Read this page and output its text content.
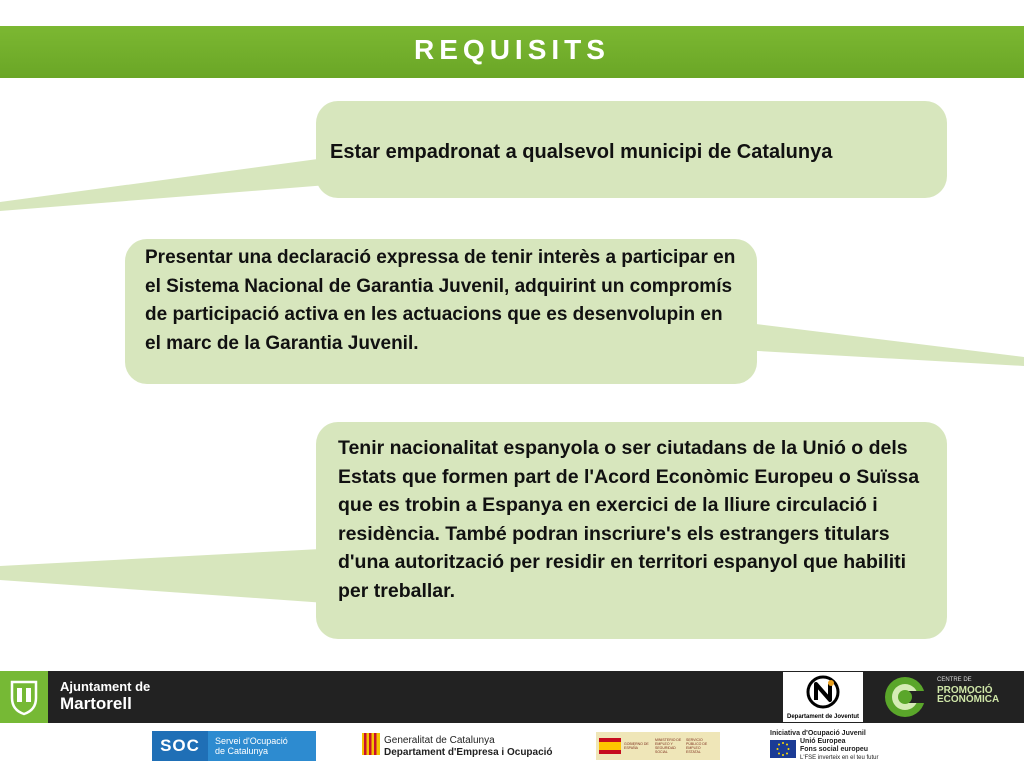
REQUISITS
Estar empadronat a qualsevol municipi de Catalunya
Presentar una declaració expressa de tenir interès a participar en el Sistema Nacional de Garantia Juvenil, adquirint un compromís de participació activa en les actuacions que es desenvolupin en el marc de la Garantia Juvenil.
Tenir nacionalitat espanyola o ser ciutadans de la Unió o dels Estats que formen part de l'Acord Econòmic Europeu o Suïssa que es trobin a Espanya en exercici de la lliure circulació i residència. També podran inscriure's els estrangers titulars d'una autorització per residir en territori espanyol que habiliti per treballar.
Ajuntament de
Martorell
Departament de Joventut
CENTRE DE
PROMOCIÓ
ECONÒMICA
SOC	Servei d'Ocupació
de Catalunya
Generalitat de Catalunya
Departament d'Empresa i Ocupació
GOBIERNO DE ESPAÑA
MINISTERIO DE EMPLEO Y SEGURIDAD SOCIAL
SERVICIO PÚBLICO DE EMPLEO ESTATAL
Iniciativa d'Ocupació Juvenil
Unió Europea
Fons social europeu
L'FSE inverteix en el teu futur
